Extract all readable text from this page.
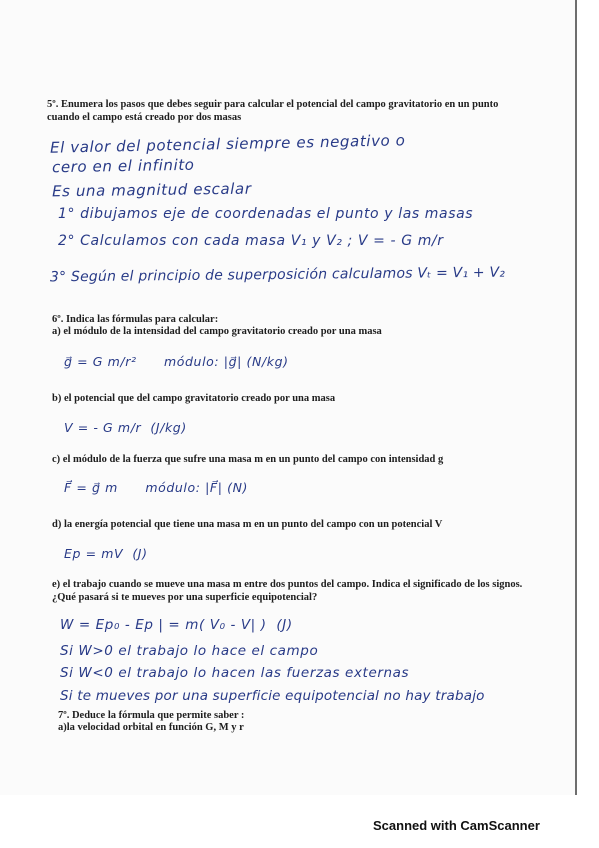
5º. Enumera los pasos que debes seguir para calcular el potencial del campo gravitatorio en un punto cuando el campo está creado por dos masas

El valor del potencial siempre es negativo o

cero en el infinito

Es una magnitud escalar

1° dibujamos eje de coordenadas el punto y las masas

2° Calculamos con cada masa V₁ y V₂ ; V = - G m/r

3° Según el principio de superposición calculamos Vₜ = V₁ + V₂

6º. Indica las fórmulas para calcular:

a) el módulo de la intensidad del campo gravitatorio creado por una masa

g⃗ = G m/r²      módulo: |g⃗| (N/kg)

b) el potencial que del campo gravitatorio creado por una masa

V = - G m/r  (J/kg)

c) el módulo de la fuerza que sufre una masa m en un punto del campo con intensidad g

F⃗ = g⃗ m      módulo: |F⃗| (N)

d) la energía potencial que tiene una masa m en un punto del campo con un potencial V

Ep = mV  (J)

e) el trabajo cuando se mueve una masa m entre dos puntos del campo. Indica el significado de los signos. ¿Qué pasará si te mueves por una superficie equipotencial?

W = Ep₀ - Ep | = m( V₀ - V| )  (J)

Si W>0 el trabajo lo hace el campo

Si W<0 el trabajo lo hacen las fuerzas externas

Si te mueves por una superficie equipotencial no hay trabajo

7º. Deduce la fórmula que permite saber :

a)la velocidad orbital en función G, M y r

Scanned with CamScanner
